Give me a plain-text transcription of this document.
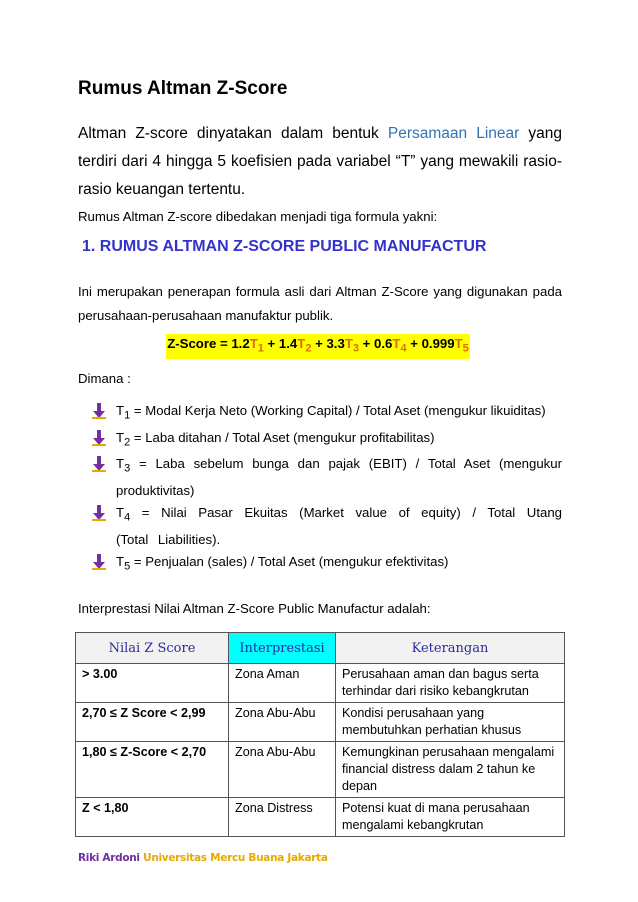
Rumus Altman Z-Score
Altman Z-score dinyatakan dalam bentuk Persamaan Linear yang terdiri dari 4 hingga 5 koefisien pada variabel “T” yang mewakili rasio-rasio keuangan tertentu.
Rumus Altman Z-score dibedakan menjadi tiga formula yakni:
1. RUMUS ALTMAN Z-SCORE PUBLIC MANUFACTUR
Ini merupakan penerapan formula asli dari Altman Z-Score yang digunakan pada perusahaan-perusahaan manufaktur publik.
Z-Score = $1.2T_1 + 1.4T_2 + 3.3T_3 + 0.6T_4 + 0.999T_5$
Dimana :
$T_1$ = Modal Kerja Neto (Working Capital) / Total Aset (mengukur likuiditas)
$T_2$ = Laba ditahan / Total Aset (mengukur profitabilitas)
$T_3$ = Laba sebelum bunga dan pajak (EBIT) / Total Aset (mengukur produktivitas)
$T_4$ = Nilai Pasar Ekuitas (Market value of equity) / Total Utang (Total Liabilities).
$T_5$ = Penjualan (sales) / Total Aset (mengukur efektivitas)
Interprestasi Nilai Altman Z-Score Public Manufactur adalah:
Nilai Z Score	Interprestasi	Keterangan
> 3.00	Zona Aman	Perusahaan aman dan bagus serta terhindar dari risiko kebangkrutan
2,70 ≤ Z Score < 2,99	Zona Abu-Abu	Kondisi perusahaan yang membutuhkan perhatian khusus
1,80 ≤ Z-Score < 2,70	Zona Abu-Abu	Kemungkinan perusahaan mengalami financial distress dalam 2 tahun ke depan
Z < 1,80	Zona Distress	Potensi kuat di mana perusahaan mengalami kebangkrutan
Riki Ardoni Universitas Mercu Buana Jakarta
